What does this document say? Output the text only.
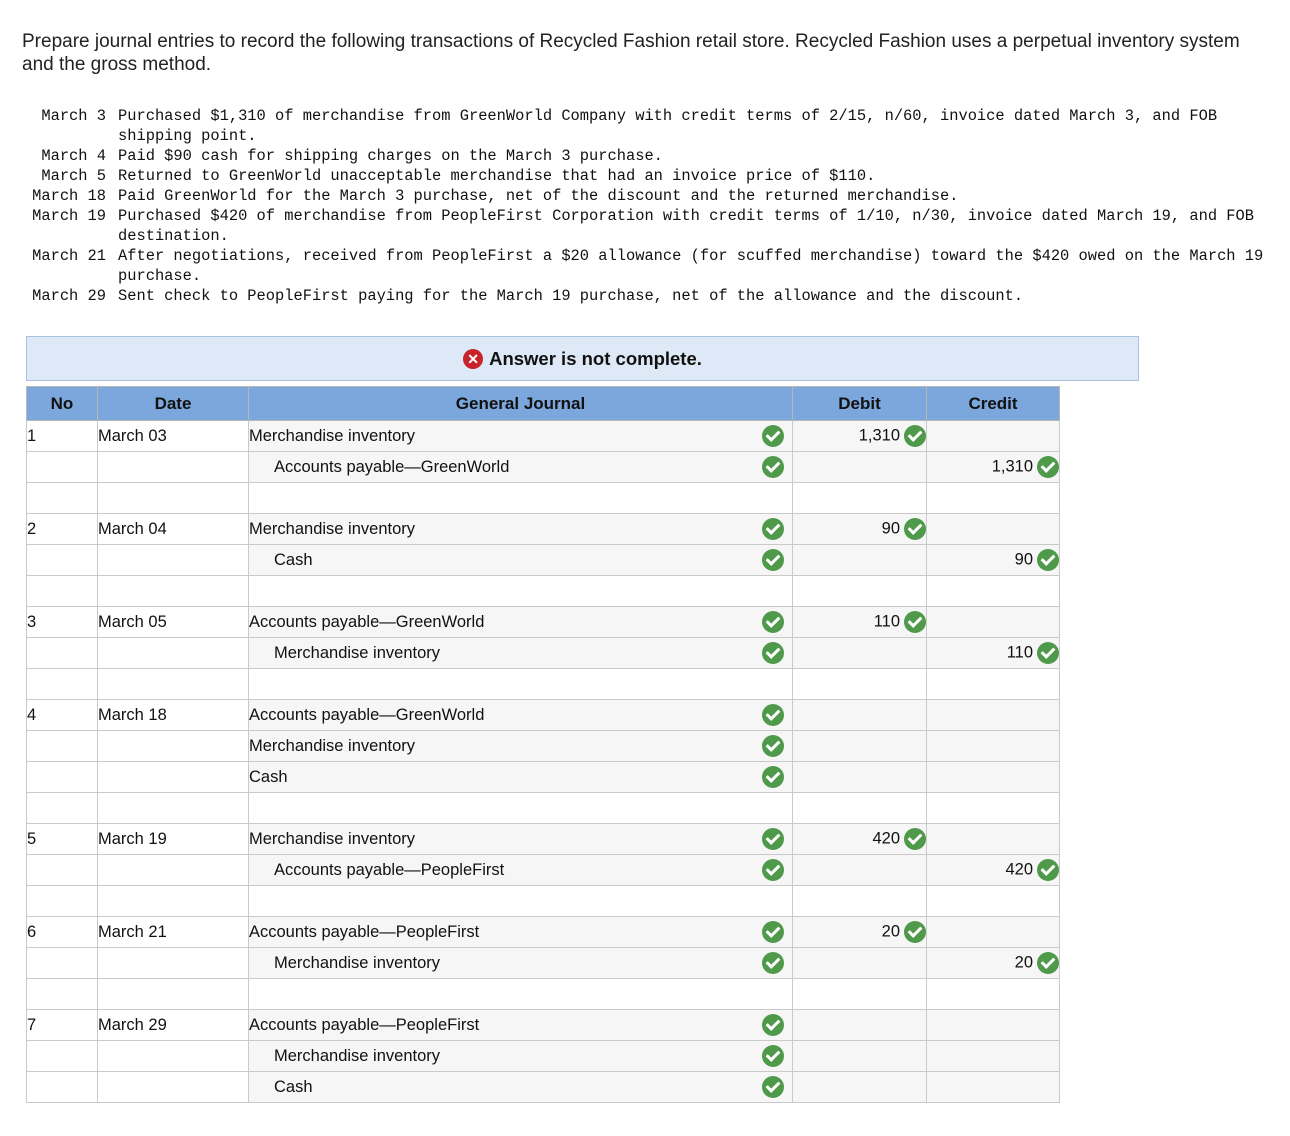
Prepare journal entries to record the following transactions of Recycled Fashion retail store. Recycled Fashion uses a perpetual inventory system and the gross method.

March 3 Purchased $1,310 of merchandise from GreenWorld Company with credit terms of 2/15, n/60, invoice dated March 3, and FOB shipping point.
March 4 Paid $90 cash for shipping charges on the March 3 purchase.
March 5 Returned to GreenWorld unacceptable merchandise that had an invoice price of $110.
March 18 Paid GreenWorld for the March 3 purchase, net of the discount and the returned merchandise.
March 19 Purchased $420 of merchandise from PeopleFirst Corporation with credit terms of 1/10, n/30, invoice dated March 19, and FOB destination.
March 21 After negotiations, received from PeopleFirst a $20 allowance (for scuffed merchandise) toward the $420 owed on the March 19 purchase.
March 29 Sent check to PeopleFirst paying for the March 19 purchase, net of the allowance and the discount.
✕ Answer is not complete.
No	Date	General Journal	Debit	Credit
1	March 03	Merchandise inventory	1,310	
		Accounts payable—GreenWorld		1,310

2	March 04	Merchandise inventory	90	
		Cash		90

3	March 05	Accounts payable—GreenWorld	110	
		Merchandise inventory		110

4	March 18	Accounts payable—GreenWorld

		Merchandise inventory

		Cash

5	March 19	Merchandise inventory	420	
		Accounts payable—PeopleFirst		420

6	March 21	Accounts payable—PeopleFirst	20	
		Merchandise inventory		20

7	March 29	Accounts payable—PeopleFirst

		Merchandise inventory

		Cash
